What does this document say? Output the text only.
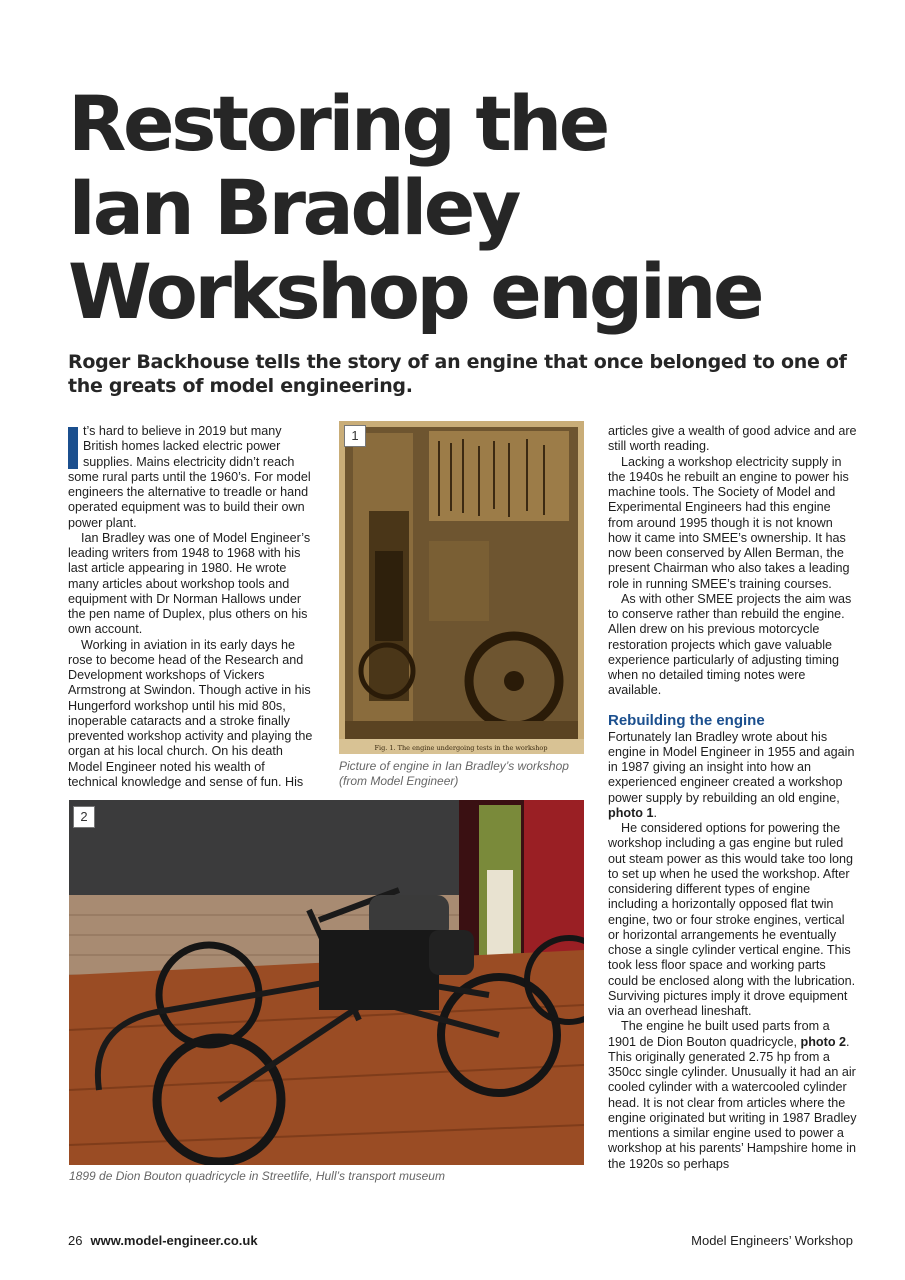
Restoring the
Ian Bradley
Workshop engine

Roger Backhouse tells the story of an engine that once belonged to one of the greats of model engineering.

t’s hard to believe in 2019 but many British homes lacked electric power supplies. Mains electricity didn’t reach some rural parts until the 1960’s. For model engineers the alternative to treadle or hand operated equipment was to build their own power plant.

Ian Bradley was one of Model Engineer’s leading writers from 1948 to 1968 with his last article appearing in 1980. He wrote many articles about workshop tools and equipment with Dr Norman Hallows under the pen name of Duplex, plus others on his own account.

Working in aviation in its early days he rose to become head of the Research and Development workshops of Vickers Armstrong at Swindon. Though active in his Hungerford workshop until his mid 80s, inoperable cataracts and a stroke finally prevented workshop activity and playing the organ at his local church. On his death Model Engineer noted his wealth of technical knowledge and sense of fun. His

Fig. 1. The engine undergoing tests in the workshop
1
Picture of engine in Ian Bradley’s workshop (from Model Engineer)
2
1899 de Dion Bouton quadricycle in Streetlife, Hull’s transport museum

articles give a wealth of good advice and are still worth reading.

Lacking a workshop electricity supply in the 1940s he rebuilt an engine to power his machine tools. The Society of Model and Experimental Engineers had this engine from around 1995 though it is not known how it came into SMEE’s ownership. It has now been conserved by Allen Berman, the present Chairman who also takes a leading role in running SMEE’s training courses.

As with other SMEE projects the aim was to conserve rather than rebuild the engine. Allen drew on his previous motorcycle restoration projects which gave valuable experience particularly of adjusting timing when no detailed timing notes were available.

Rebuilding the engine

Fortunately Ian Bradley wrote about his engine in Model Engineer in 1955 and again in 1987 giving an insight into how an experienced engineer created a workshop power supply by rebuilding an old engine, photo 1.

He considered options for powering the workshop including a gas engine but ruled out steam power as this would take too long to set up when he used the workshop. After considering different types of engine including a horizontally opposed flat twin engine, two or four stroke engines, vertical or horizontal arrangements he eventually chose a single cylinder vertical engine. This took less floor space and working parts could be enclosed along with the lubrication. Surviving pictures imply it drove equipment via an overhead lineshaft.

The engine he built used parts from a 1901 de Dion Bouton quadricycle, photo 2. This originally generated 2.75 hp from a 350cc single cylinder. Unusually it had an air cooled cylinder with a watercooled cylinder head. It is not clear from articles where the engine originated but writing in 1987 Bradley mentions a similar engine used to power a workshop at his parents’ Hampshire home in the 1920s so perhaps

26 www.model-engineer.co.uk	Model Engineers’ Workshop
